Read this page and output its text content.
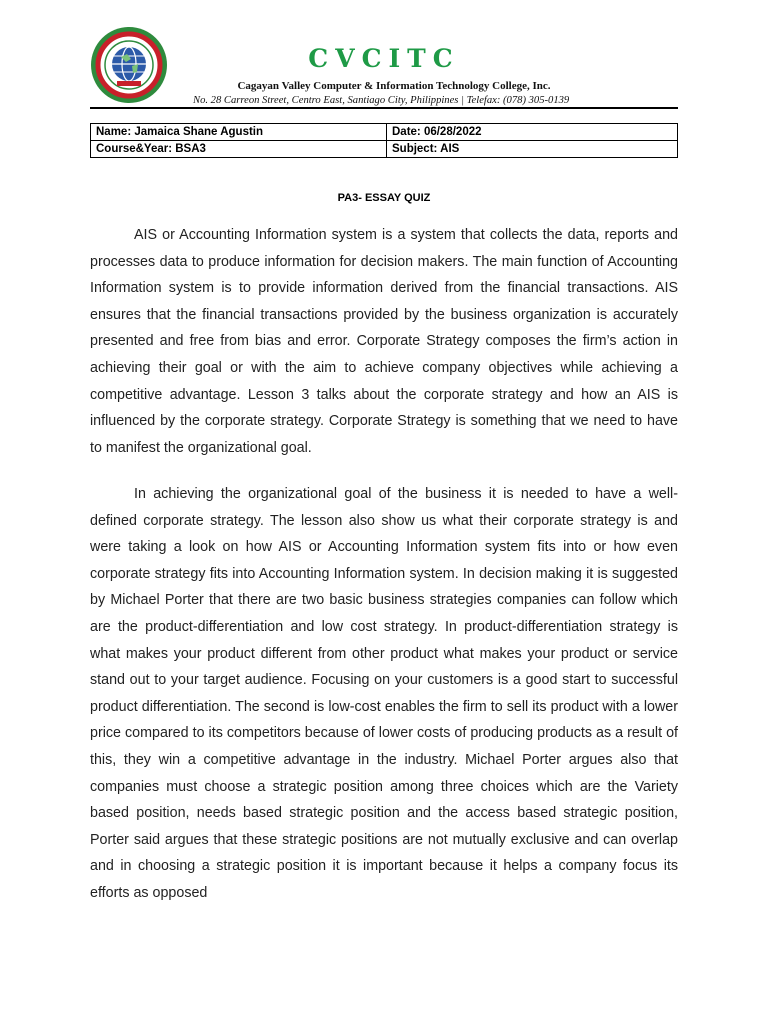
CVCITC
Cagayan Valley Computer & Information Technology College, Inc.
No. 28 Carreon Street, Centro East, Santiago City, Philippines | Telefax: (078) 305-0139
Name: Jamaica Shane Agustin	Date: 06/28/2022
Course&Year: BSA3	Subject: AIS
PA3- ESSAY QUIZ

AIS or Accounting Information system is a system that collects the data, reports and processes data to produce information for decision makers. The main function of Accounting Information system is to provide information derived from the financial transactions. AIS ensures that the financial transactions provided by the business organization is accurately presented and free from bias and error. Corporate Strategy composes the firm’s action in achieving their goal or with the aim to achieve company objectives while achieving a competitive advantage. Lesson 3 talks about the corporate strategy and how an AIS is influenced by the corporate strategy. Corporate Strategy is something that we need to have to manifest the organizational goal.

In achieving the organizational goal of the business it is needed to have a well-defined corporate strategy. The lesson also show us what their corporate strategy is and were taking a look on how AIS or Accounting Information system fits into or how even corporate strategy fits into Accounting Information system. In decision making it is suggested by Michael Porter that there are two basic business strategies companies can follow which are the product-differentiation and low cost strategy. In product-differentiation strategy is what makes your product different from other product what makes your product or service stand out to your target audience. Focusing on your customers is a good start to successful product differentiation. The second is low-cost enables the firm to sell its product with a lower price compared to its competitors because of lower costs of producing products as a result of this, they win a competitive advantage in the industry. Michael Porter argues also that companies must choose a strategic position among three choices which are the Variety based position, needs based strategic position and the access based strategic position, Porter said argues that these strategic positions are not mutually exclusive and can overlap and in choosing a strategic position it is important because it helps a company focus its efforts as opposed
